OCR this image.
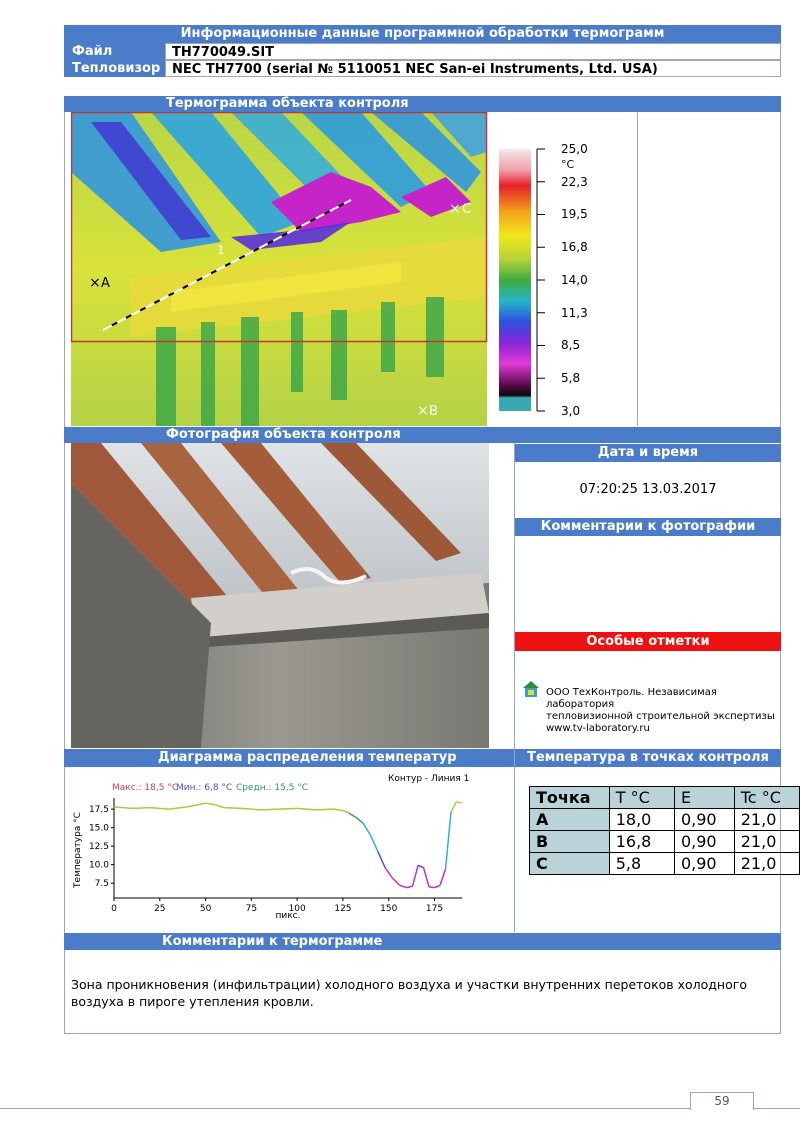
Информационные данные программной обработки термограмм
Файл	TH770049.SIT
Тепловизор NEC TH7700 (serial № 5110051 NEC San-ei Instruments, Ltd. USA)
Термограмма объекта контроля
1
× A
× B
× C
25,0
22,3
19,5
16,8
14,0
11,3
8,5
5,8
3,0
°C
Фотография объекта контроля
Дата и время
07:20:25 13.03.2017
Комментарии к фотографии
Особые отметки
ООО ТехКонтроль. Независимая лаборатория
тепловизионной строительной экспертизы
www.tv-laboratory.ru
Диаграмма распределения температур	Температура в точках контроля
Макс.: 18,5 °C
Мин.: 6,8 °C Средн.: 15,5 °C
Контур - Линия 1
Температура °C
пикс.
17.5
15.0
12.5
10.0
7.5
0	25	50	75	100	125	150	175
Точка	T °C	E	Tc °C
A	18,0	0,90	21,0
B	16,8	0,90	21,0
C	5,8	0,90	21,0
Комментарии к термограмме
Зона проникновения (инфильтрации) холодного воздуха и участки внутренних перетоков холодного воздуха в пироге утепления кровли.
59
